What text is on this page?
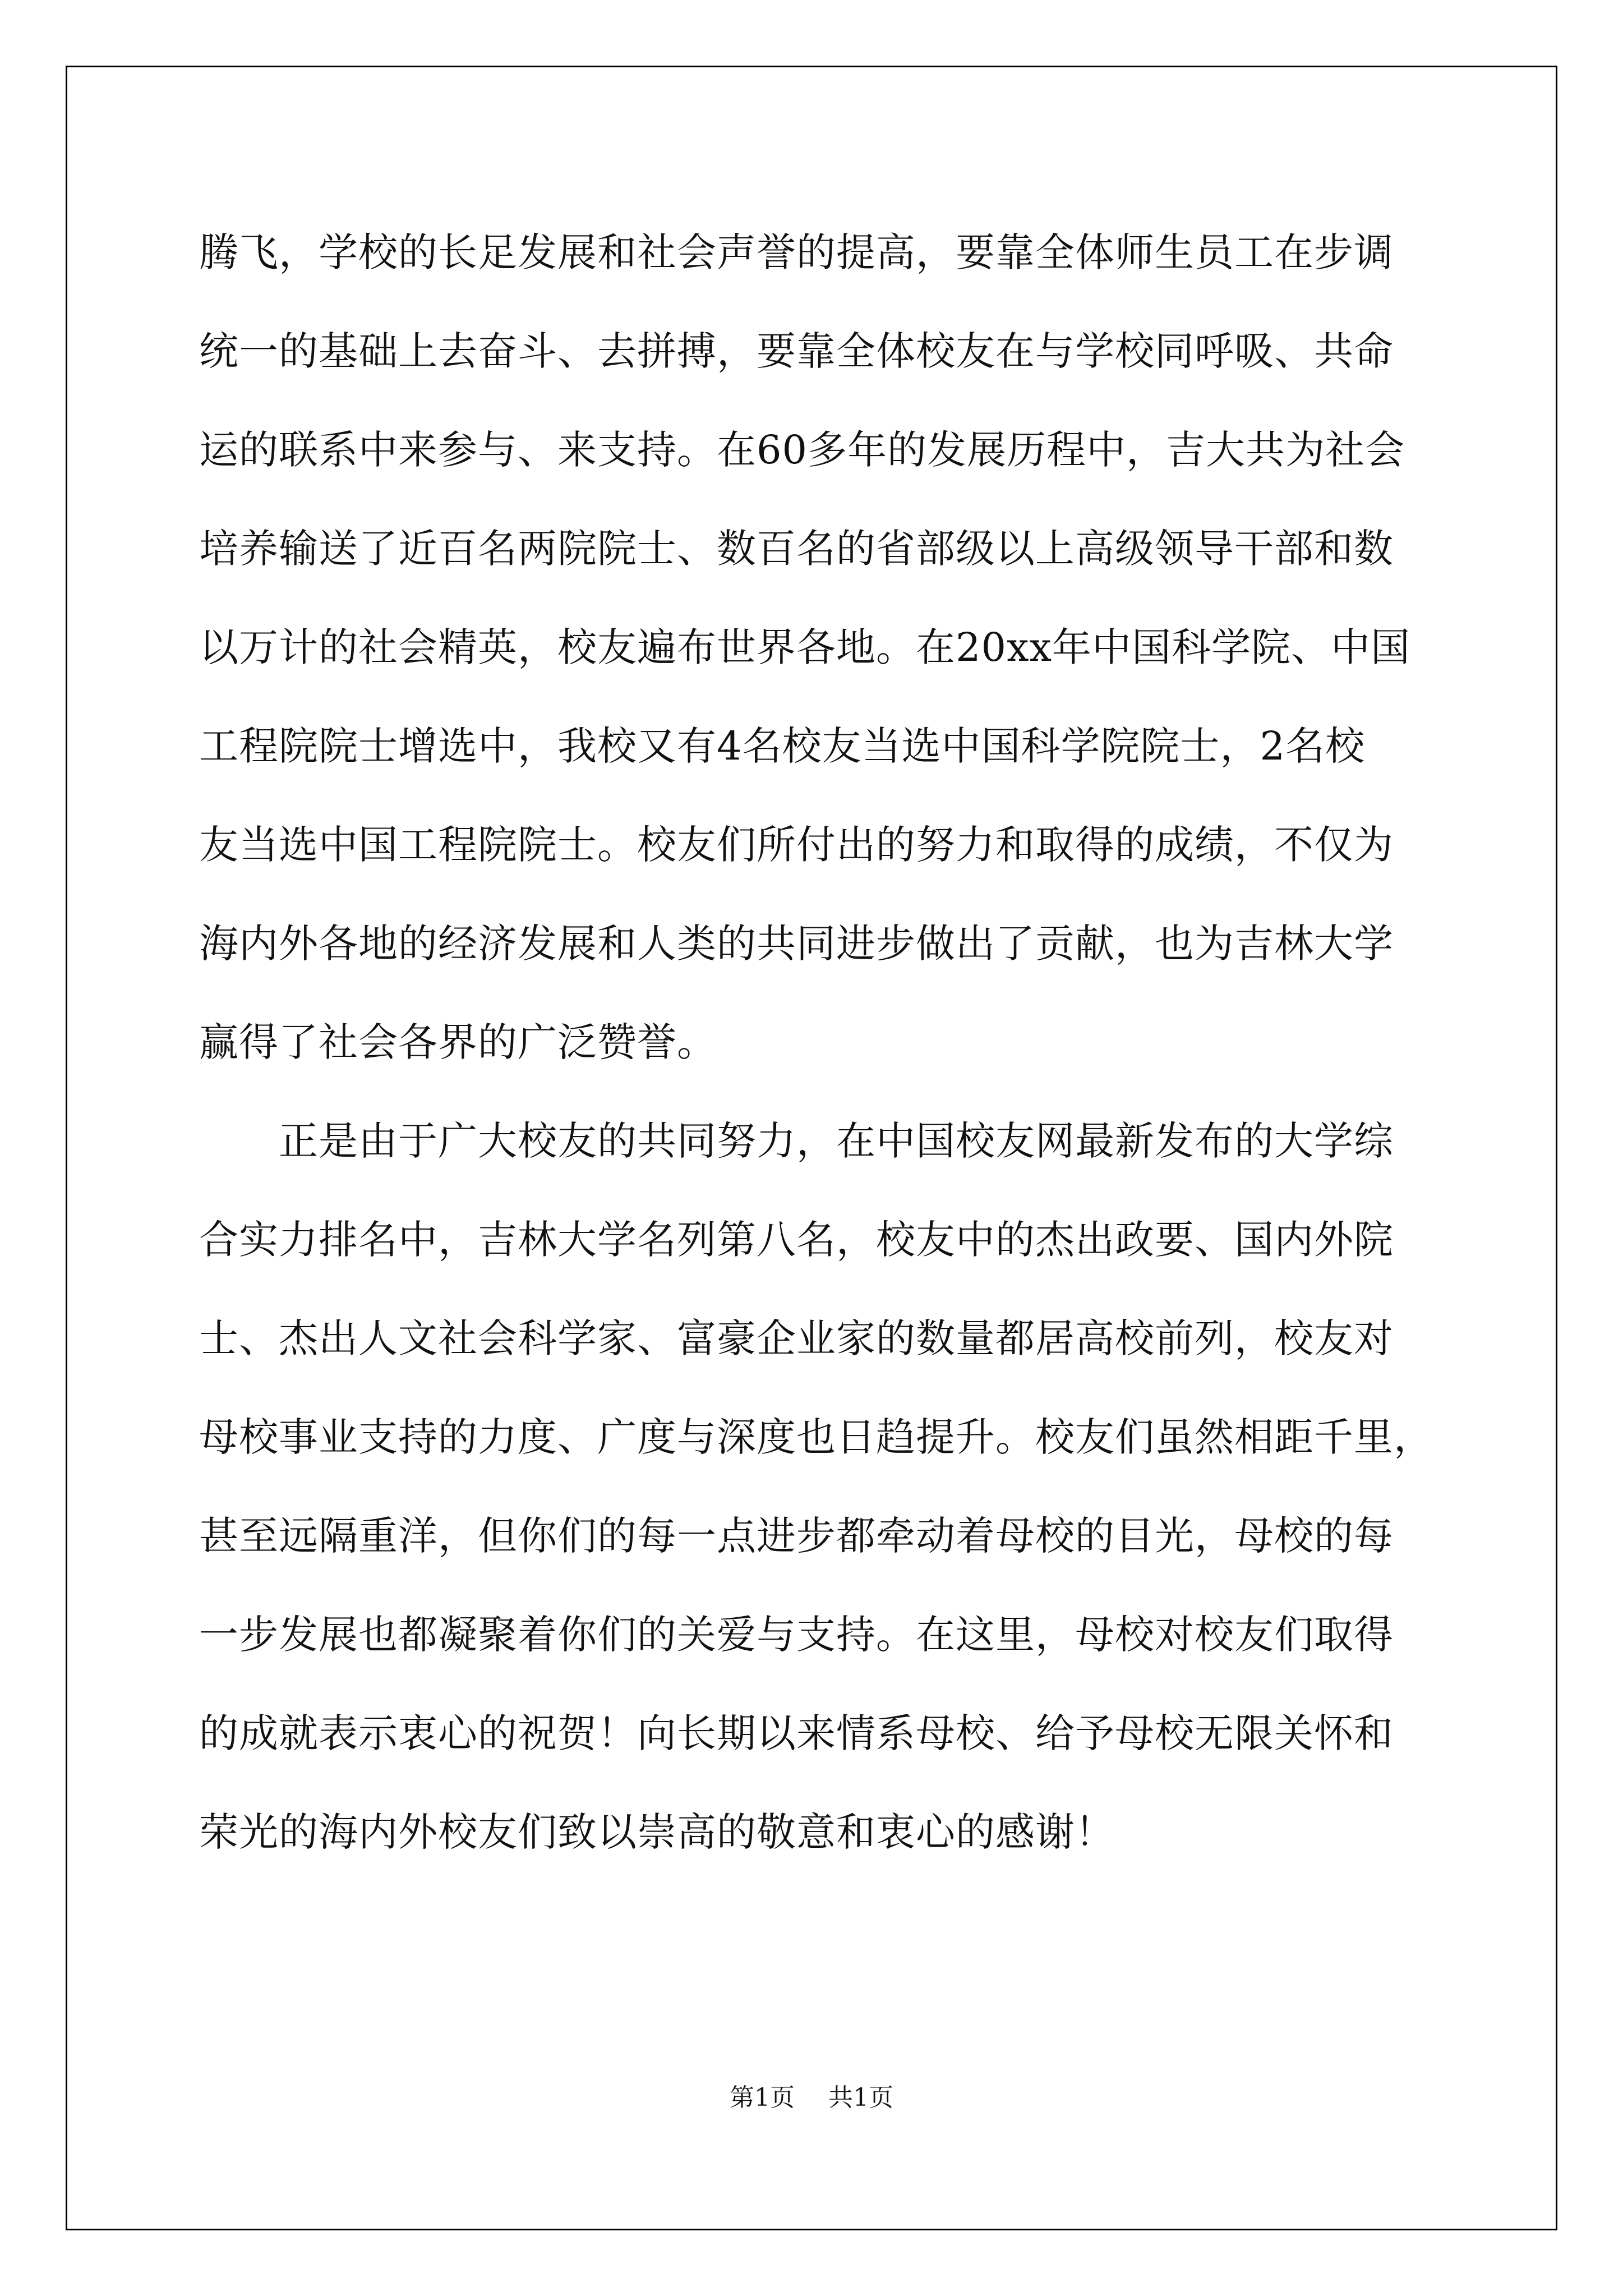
腾飞，学校的长足发展和社会声誉的提高，要靠全体师生员工在步调
统一的基础上去奋斗、去拼搏，要靠全体校友在与学校同呼吸、共命
运的联系中来参与、来支持。在60多年的发展历程中，吉大共为社会
培养输送了近百名两院院士、数百名的省部级以上高级领导干部和数
以万计的社会精英，校友遍布世界各地。在20xx年中国科学院、中国
工程院院士增选中，我校又有4名校友当选中国科学院院士，2名校
友当选中国工程院院士。校友们所付出的努力和取得的成绩，不仅为
海内外各地的经济发展和人类的共同进步做出了贡献，也为吉林大学
赢得了社会各界的广泛赞誉。
　　正是由于广大校友的共同努力，在中国校友网最新发布的大学综
合实力排名中，吉林大学名列第八名，校友中的杰出政要、国内外院
士、杰出人文社会科学家、富豪企业家的数量都居高校前列，校友对
母校事业支持的力度、广度与深度也日趋提升。校友们虽然相距千里，
甚至远隔重洋，但你们的每一点进步都牵动着母校的目光，母校的每
一步发展也都凝聚着你们的关爱与支持。在这里，母校对校友们取得
的成就表示衷心的祝贺！向长期以来情系母校、给予母校无限关怀和
荣光的海内外校友们致以崇高的敬意和衷心的感谢！
第1页 共1页
